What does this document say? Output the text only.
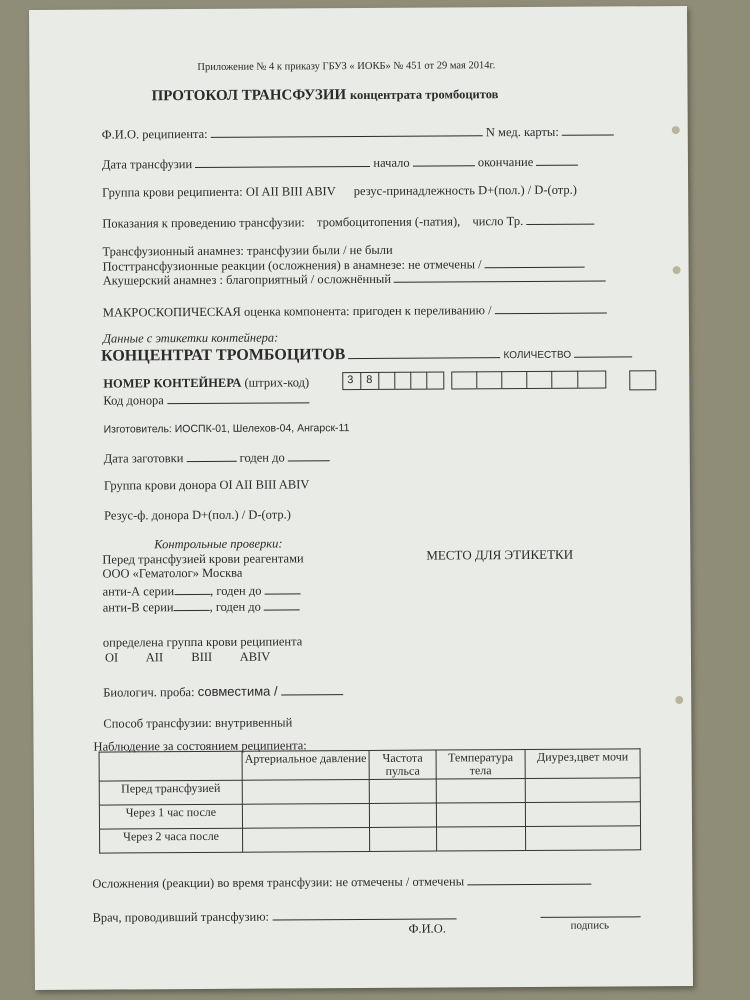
Приложение № 4 к приказу ГБУЗ « ИОКБ» № 451 от 29 мая 2014г.
ПРОТОКОЛ ТРАНСФУЗИИ концентрата тромбоцитов
Ф.И.О. реципиента:	N мед. карты:
Дата трансфузии	начало	окончание
Группа крови реципиента: OI AII BIII ABIV резус-принадлежность D+(пол.) / D-(отр.)
Показания к проведению трансфузии: тромбоцитопения (-патия), число Тр.
Трансфузионный анамнез: трансфузии были / не были
Посттрансфузионные реакции (осложнения) в анамнезе: не отмечены /
Акушерский анамнез : благоприятный / осложнённый
МАКРОСКОПИЧЕСКАЯ оценка компонента: пригоден к переливанию /
Данные с этикетки контейнера:
КОНЦЕНТРАТ ТРОМБОЦИТОВ	КОЛИЧЕСТВО
НОМЕР КОНТЕЙНЕРА (штрих-код)	3 8
Код донора
Изготовитель: ИОСПК-01, Шелехов-04, Ангарск-11
Дата заготовки	годен до
Группа крови донора OI AII BIII ABIV
Резус-ф. донора D+(пол.) / D-(отр.)
Контрольные проверки:
Перед трансфузией крови реагентами
ООО «Гематолог» Москва
анти-А серии	, годен до
анти-В серии	, годен до
МЕСТО ДЛЯ ЭТИКЕТКИ
определена группа крови реципиента
OI AII BIII ABIV
Биологич. проба: совместима /
Способ трансфузии: внутривенный
Наблюдение за состоянием реципиента:
	Артериальное давление	Частота пульса	Температура тела	Диурез,цвет мочи
Перед трансфузией				
Через 1 час после				
Через 2 часа после				
Осложнения (реакции) во время трансфузии: не отмечены / отмечены
Врач, проводивший трансфузию:
Ф.И.О.	подпись
